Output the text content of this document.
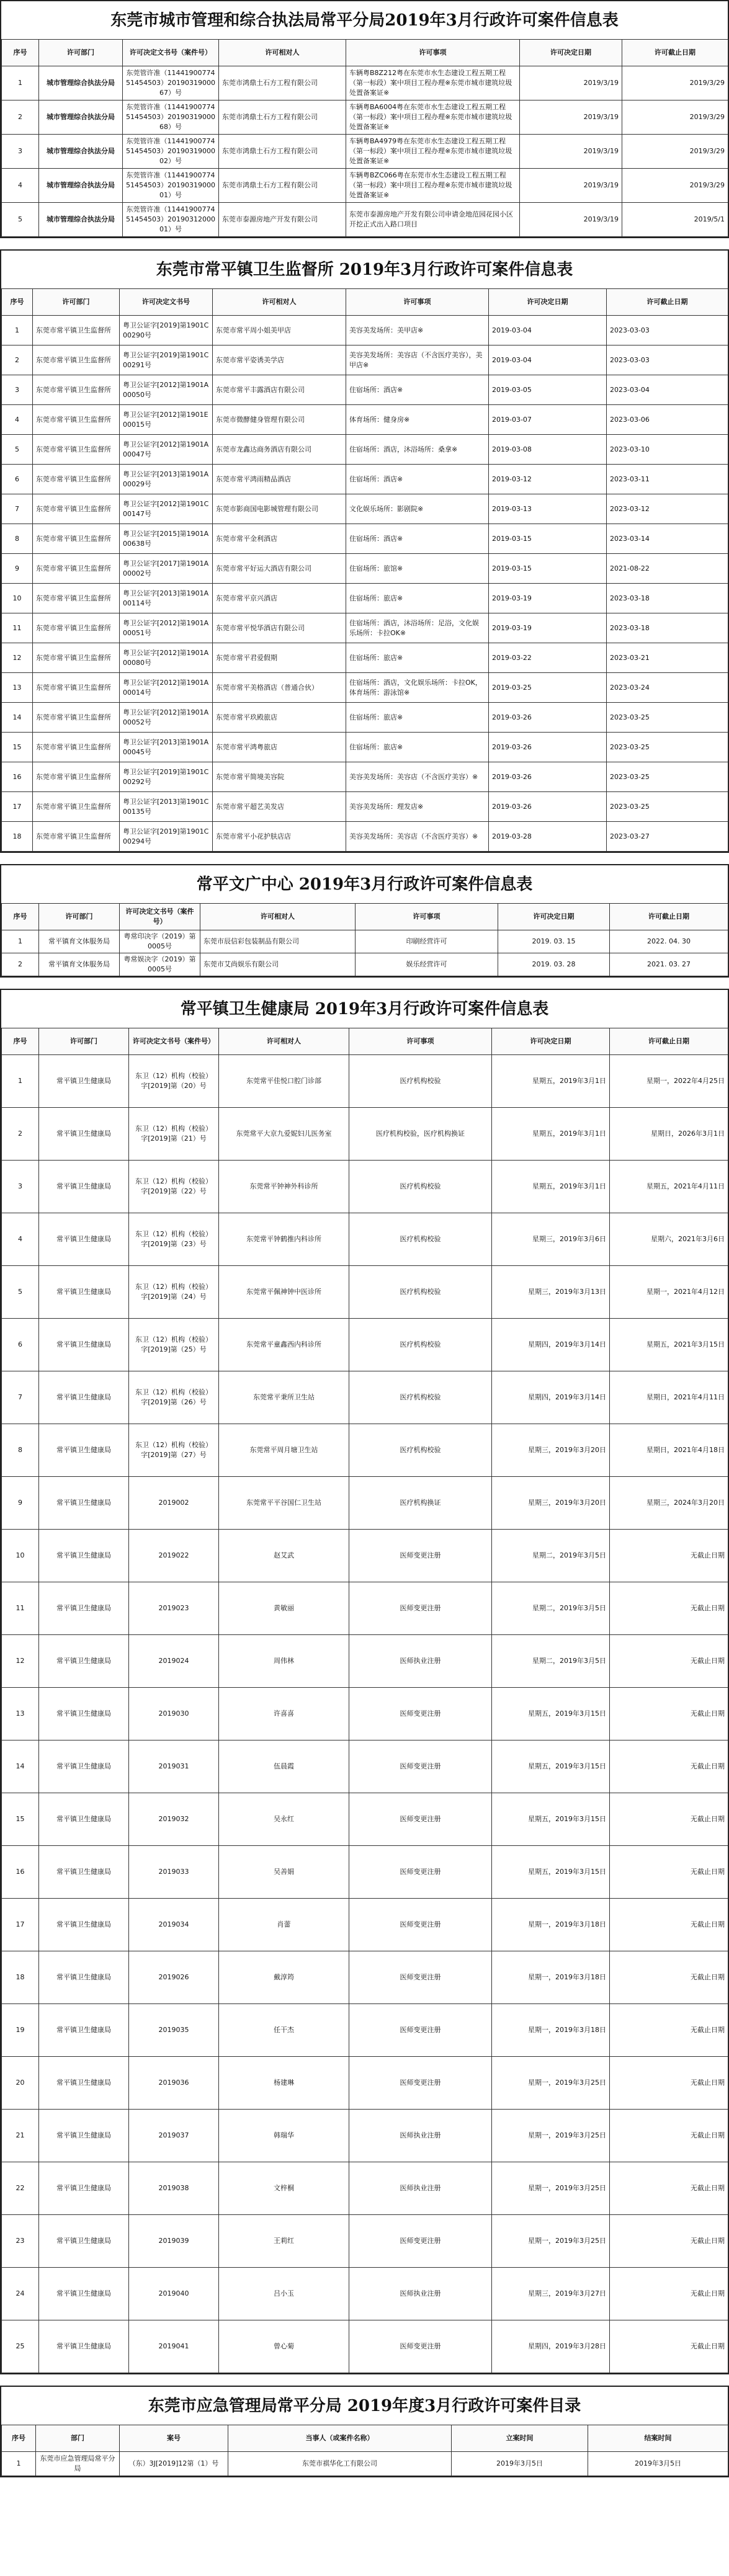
东莞市城市管理和综合执法局常平分局2019年3月行政许可案件信息表
序号	许可部门	许可决定文书号（案件号）	许可相对人	许可事项	许可决定日期	许可截止日期
1	城市管理综合执法分局	东莞管许准（1144190077451454503）2019031900067）号	东莞市鸿鼎土石方工程有限公司	车辆粤B8Z212粤在东莞市水生态建设工程五期工程（第一标段）案中项目工程办理※东莞市城市建筑垃圾处置备案证※	2019/3/19	2019/3/29
2	城市管理综合执法分局	东莞管许准（1144190077451454503）2019031900068）号	东莞市鸿鼎土石方工程有限公司	车辆粤BA6004粤在东莞市水生态建设工程五期工程（第一标段）案中项目工程办理※东莞市城市建筑垃圾处置备案证※	2019/3/19	2019/3/29
3	城市管理综合执法分局	东莞管许准（1144190077451454503）2019031900002）号	东莞市鸿鼎土石方工程有限公司	车辆粤BA4979粤在东莞市水生态建设工程五期工程（第一标段）案中项目工程办理※东莞市城市建筑垃圾处置备案证※	2019/3/19	2019/3/29
4	城市管理综合执法分局	东莞管许准（1144190077451454503）2019031900001）号	东莞市鸿鼎土石方工程有限公司	车辆粤BZC066粤在东莞市水生态建设工程五期工程（第一标段）案中项目工程办理※东莞市城市建筑垃圾处置备案证※	2019/3/19	2019/3/29
5	城市管理综合执法分局	东莞管许准（1144190077451454503）2019031200001）号	东莞市泰源房地产开发有限公司	东莞市泰源房地产开发有限公司申请金地范园花园小区开挖正式出入路口项目	2019/3/19	2019/5/1
东莞市常平镇卫生监督所 2019年3月行政许可案件信息表
序号	许可部门	许可决定文书号	许可相对人	许可事项	许可决定日期	许可截止日期
1	东莞市常平镇卫生监督所	粤卫公证字[2019]第1901C00290号	东莞市常平周小姐美甲店	美容美发场所：美甲店※	2019-03-04	2023-03-03
2	东莞市常平镇卫生监督所	粤卫公证字[2019]第1901C00291号	东莞市常平姿诱美学店	美容美发场所：美容店（不含医疗美容），美甲店※	2019-03-04	2023-03-03
3	东莞市常平镇卫生监督所	粤卫公证字[2012]第1901A00050号	东莞市常平丰露酒店有限公司	住宿场所：酒店※	2019-03-05	2023-03-04
4	东莞市常平镇卫生监督所	粤卫公证字[2012]第1901E00015号	东莞市微酵健身管理有限公司	体育场所：健身房※	2019-03-07	2023-03-06
5	东莞市常平镇卫生监督所	粤卫公证字[2012]第1901A00047号	东莞市龙鑫达商务酒店有限公司	住宿场所：酒店，沐浴场所：桑拿※	2019-03-08	2023-03-10
6	东莞市常平镇卫生监督所	粤卫公证字[2013]第1901A00029号	东莞市常平鸿雨精品酒店	住宿场所：酒店※	2019-03-12	2023-03-11
7	东莞市常平镇卫生监督所	粤卫公证字[2012]第1901C00147号	东莞市影商国电影城管理有限公司	文化娱乐场所：影剧院※	2019-03-13	2023-03-12
8	东莞市常平镇卫生监督所	粤卫公证字[2015]第1901A00638号	东莞市常平金利酒店	住宿场所：酒店※	2019-03-15	2023-03-14
9	东莞市常平镇卫生监督所	粤卫公证字[2017]第1901A00002号	东莞市常平好运大酒店有限公司	住宿场所：旅馆※	2019-03-15	2021-08-22
10	东莞市常平镇卫生监督所	粤卫公证字[2013]第1901A00114号	东莞市常平京兴酒店	住宿场所：旅店※	2019-03-19	2023-03-18
11	东莞市常平镇卫生监督所	粤卫公证字[2012]第1901A00051号	东莞市常平悦华酒店有限公司	住宿场所：酒店，沐浴场所：足浴，文化娱乐场所：卡拉OK※	2019-03-19	2023-03-18
12	东莞市常平镇卫生监督所	粤卫公证字[2012]第1901A00080号	东莞市常平君爱假期	住宿场所：旅店※	2019-03-22	2023-03-21
13	东莞市常平镇卫生监督所	粤卫公证字[2012]第1901A00014号	东莞市常平美格酒店（普通合伙）	住宿场所：酒店，文化娱乐场所：卡拉OK，体育场所：游泳馆※	2019-03-25	2023-03-24
14	东莞市常平镇卫生监督所	粤卫公证字[2012]第1901A00052号	东莞市常平玖殿旅店	住宿场所：旅店※	2019-03-26	2023-03-25
15	东莞市常平镇卫生监督所	粤卫公证字[2013]第1901A00045号	东莞市常平鸿粤旅店	住宿场所：旅店※	2019-03-26	2023-03-25
16	东莞市常平镇卫生监督所	粤卫公证字[2019]第1901C00292号	东莞市常平简境美容院	美容美发场所：美容店（不含医疗美容）※	2019-03-26	2023-03-25
17	东莞市常平镇卫生监督所	粤卫公证字[2013]第1901C00135号	东莞市常平超艺美发店	美容美发场所：理发店※	2019-03-26	2023-03-25
18	东莞市常平镇卫生监督所	粤卫公证字[2019]第1901C00294号	东莞市常平小花护肤店店	美容美发场所：美容店（不含医疗美容）※	2019-03-28	2023-03-27
常平文广中心 2019年3月行政许可案件信息表
序号	许可部门	许可决定文书号（案件号）	许可相对人	许可事项	许可决定日期	许可截止日期
1	常平镇育文体服务局	粤常印决字（2019）第0005号	东莞市辰信彩包装制品有限公司	印刷经营许可	2019. 03. 15	2022. 04. 30
2	常平镇育文体服务局	粤常娱决字（2019）第0005号	东莞市艾尚娱乐有限公司	娱乐经营许可	2019. 03. 28	2021. 03. 27
常平镇卫生健康局 2019年3月行政许可案件信息表
序号	许可部门	许可决定文书号（案件号）	许可相对人	许可事项	许可决定日期	许可截止日期
1	常平镇卫生健康局	东卫（12）机构（校验）字[2019]第（20）号	东莞常平佳悦口腔门诊部	医疗机构校验	星期五，2019年3月1日	星期一，2022年4月25日
2	常平镇卫生健康局	东卫（12）机构（校验）字[2019]第（21）号	东莞常平大京九爱妮妇儿医务室	医疗机构校验，医疗机构换证	星期五，2019年3月1日	星期日，2026年3月1日
3	常平镇卫生健康局	东卫（12）机构（校验）字[2019]第（22）号	东莞常平钟神外科诊所	医疗机构校验	星期五，2019年3月1日	星期五，2021年4月11日
4	常平镇卫生健康局	东卫（12）机构（校验）字[2019]第（23）号	东莞常平钟鹤推内科诊所	医疗机构校验	星期三，2019年3月6日	星期六，2021年3月6日
5	常平镇卫生健康局	东卫（12）机构（校验）字[2019]第（24）号	东莞常平佩神钟中医诊所	医疗机构校验	星期三，2019年3月13日	星期一，2021年4月12日
6	常平镇卫生健康局	东卫（12）机构（校验）字[2019]第（25）号	东莞常平童鑫西内科诊所	医疗机构校验	星期四，2019年3月14日	星期五，2021年3月15日
7	常平镇卫生健康局	东卫（12）机构（校验）字[2019]第（26）号	东莞常平秉所卫生站	医疗机构校验	星期四，2019年3月14日	星期日，2021年4月11日
8	常平镇卫生健康局	东卫（12）机构（校验）字[2019]第（27）号	东莞常平周月塘卫生站	医疗机构校验	星期三，2019年3月20日	星期日，2021年4月18日
9	常平镇卫生健康局	2019002	东莞常平平谷国仁卫生站	医疗机构换证	星期三，2019年3月20日	星期三，2024年3月20日
10	常平镇卫生健康局	2019022	赵艾武	医师变更注册	星期二，2019年3月5日	无截止日期
11	常平镇卫生健康局	2019023	黄敏丽	医师变更注册	星期二，2019年3月5日	无截止日期
12	常平镇卫生健康局	2019024	周伟林	医师执业注册	星期二，2019年3月5日	无截止日期
13	常平镇卫生健康局	2019030	许喜喜	医师变更注册	星期五，2019年3月15日	无截止日期
14	常平镇卫生健康局	2019031	伍晨霞	医师变更注册	星期五，2019年3月15日	无截止日期
15	常平镇卫生健康局	2019032	吴永红	医师变更注册	星期五，2019年3月15日	无截止日期
16	常平镇卫生健康局	2019033	吴善娟	医师变更注册	星期五，2019年3月15日	无截止日期
17	常平镇卫生健康局	2019034	肖蕾	医师变更注册	星期一，2019年3月18日	无截止日期
18	常平镇卫生健康局	2019026	戴淳筠	医师变更注册	星期一，2019年3月18日	无截止日期
19	常平镇卫生健康局	2019035	任干杰	医师变更注册	星期一，2019年3月18日	无截止日期
20	常平镇卫生健康局	2019036	杨建琳	医师变更注册	星期一，2019年3月25日	无截止日期
21	常平镇卫生健康局	2019037	韩瑞华	医师执业注册	星期一，2019年3月25日	无截止日期
22	常平镇卫生健康局	2019038	文梓桐	医师执业注册	星期一，2019年3月25日	无截止日期
23	常平镇卫生健康局	2019039	王莉红	医师变更注册	星期一，2019年3月25日	无截止日期
24	常平镇卫生健康局	2019040	吕小玉	医师执业注册	星期三，2019年3月27日	无截止日期
25	常平镇卫生健康局	2019041	曾心菊	医师变更注册	星期四，2019年3月28日	无截止日期
东莞市应急管理局常平分局 2019年度3月行政许可案件目录
序号	部门	案号	当事人（或案件名称）	立案时间	结案时间
1	东莞市应急管理局常平分局	（东）3J[2019]12第（1）号	东莞市祺华化工有限公司	2019年3月5日	2019年3月5日
